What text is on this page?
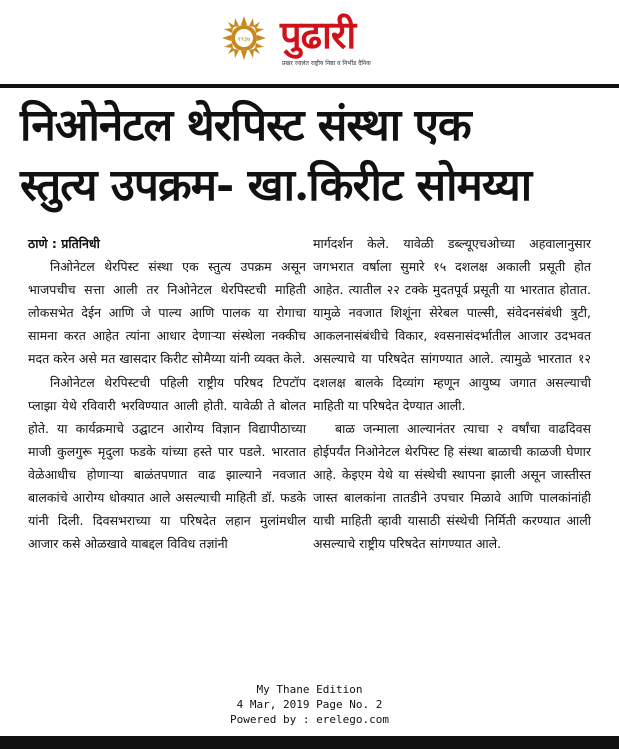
१९३७ पुढारी
प्रखर ज्वलंत राष्ट्रीय निष्ठा व निर्भीड दैनिक
निओनेटल थेरपिस्ट संस्था एक
स्तुत्य उपक्रम- खा.किरीट सोमय्या
ठाणे : प्रतिनिधी

निओनेटल थेरपिस्ट संस्था एक स्तुत्य उपक्रम असून भाजपचीच सत्ता आली तर निओनेटल थेरपिस्टची माहिती लोकसभेत देईन आणि जे पाल्य आणि पालक या रोगाचा सामना करत आहेत त्यांना आधार देणाऱ्या संस्थेला नक्कीच मदत करेन असे मत खासदार किरीट सोमैय्या यांनी व्यक्त केले.

निओनेटल थेरपिस्टची पहिली राष्ट्रीय परिषद टिपटॉप प्लाझा येथे रविवारी भरविण्यात आली होती. यावेळी ते बोलत होते. या कार्यक्रमाचे उद्घाटन आरोग्य विज्ञान विद्यापीठाच्या माजी कुलगुरू मृदुला फडके यांच्या हस्ते पार पडले. भारतात वेळेआधीच होणाऱ्या बाळंतपणात वाढ झाल्याने नवजात बालकांचे आरोग्य धोक्यात आले असल्याची माहिती डॉ. फडके यांनी दिली. दिवसभराच्या या परिषदेत लहान मुलांमधील आजार कसे ओळखावे याबद्दल विविध तज्ञांनी

मार्गदर्शन केले. यावेळी डब्ल्यूएचओच्या अहवालानुसार जगभरात वर्षाला सुमारे १५ दशलक्ष अकाली प्रसूती होत आहेत. त्यातील २२ टक्के मुदतपूर्व प्रसूती या भारतात होतात. यामुळे नवजात शिशूंना सेरेबल पाल्सी, संवेदनसंबंधी त्रुटी, आकलनासंबंधीचे विकार, श्वसनासंदर्भातील आजार उदभवत असल्याचे या परिषदेत सांगण्यात आले. त्यामुळे भारतात १२ दशलक्ष बालके दिव्यांग म्हणून आयुष्य जगात असल्याची माहिती या परिषदेत देण्यात आली.

बाळ जन्माला आल्यानंतर त्याचा २ वर्षांचा वाढदिवस होईपर्यंत निओनेटल थेरपिस्ट हि संस्था बाळाची काळजी घेणार आहे. केइएम येथे या संस्थेची स्थापना झाली असून जास्तीस्त जास्त बालकांना तातडीने उपचार मिळावे आणि पालकांनांही याची माहिती व्हावी यासाठी संस्थेची निर्मिती करण्यात आली असल्याचे राष्ट्रीय परिषदेत सांगण्यात आले.

My Thane Edition
4 Mar, 2019 Page No. 2
Powered by : erelego.com
